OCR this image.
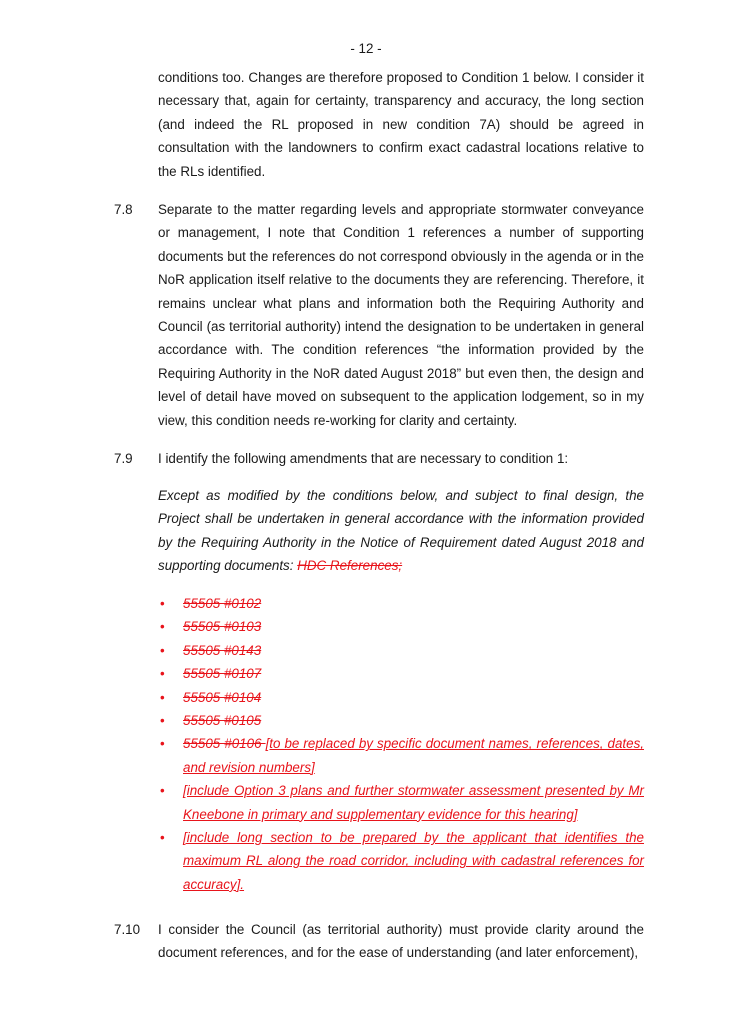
- 12 -
conditions too. Changes are therefore proposed to Condition 1 below. I consider it necessary that, again for certainty, transparency and accuracy, the long section (and indeed the RL proposed in new condition 7A) should be agreed in consultation with the landowners to confirm exact cadastral locations relative to the RLs identified.
7.8 Separate to the matter regarding levels and appropriate stormwater conveyance or management, I note that Condition 1 references a number of supporting documents but the references do not correspond obviously in the agenda or in the NoR application itself relative to the documents they are referencing. Therefore, it remains unclear what plans and information both the Requiring Authority and Council (as territorial authority) intend the designation to be undertaken in general accordance with. The condition references “the information provided by the Requiring Authority in the NoR dated August 2018” but even then, the design and level of detail have moved on subsequent to the application lodgement, so in my view, this condition needs re-working for clarity and certainty.
7.9 I identify the following amendments that are necessary to condition 1:
Except as modified by the conditions below, and subject to final design, the Project shall be undertaken in general accordance with the information provided by the Requiring Authority in the Notice of Requirement dated August 2018 and supporting documents: HDC References;
• 55505 #0102
• 55505 #0103
• 55505 #0143
• 55505 #0107
• 55505 #0104
• 55505 #0105
• 55505 #0106 [to be replaced by specific document names, references, dates, and revision numbers]
• [include Option 3 plans and further stormwater assessment presented by Mr Kneebone in primary and supplementary evidence for this hearing]
• [include long section to be prepared by the applicant that identifies the maximum RL along the road corridor, including with cadastral references for accuracy].
7.10 I consider the Council (as territorial authority) must provide clarity around the document references, and for the ease of understanding (and later enforcement),
